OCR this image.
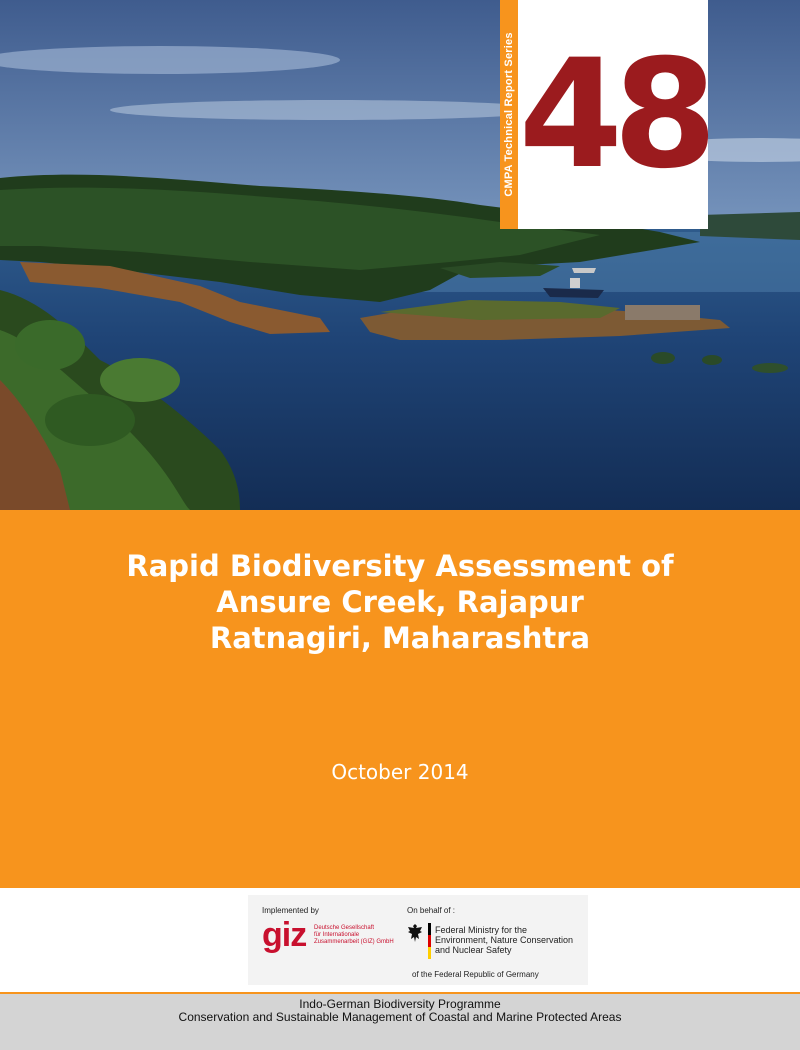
CMPA Technical Report Series 48
Rapid Biodiversity Assessment of
Ansure Creek, Rajapur
Ratnagiri, Maharashtra
October 2014
Implemented by
giz Deutsche Gesellschaft
für Internationale
Zusammenarbeit (GIZ) GmbH
On behalf of :
Federal Ministry for the
Environment, Nature Conservation
and Nuclear Safety
of the Federal Republic of Germany
Indo-German Biodiversity Programme
Conservation and Sustainable Management of Coastal and Marine Protected Areas
